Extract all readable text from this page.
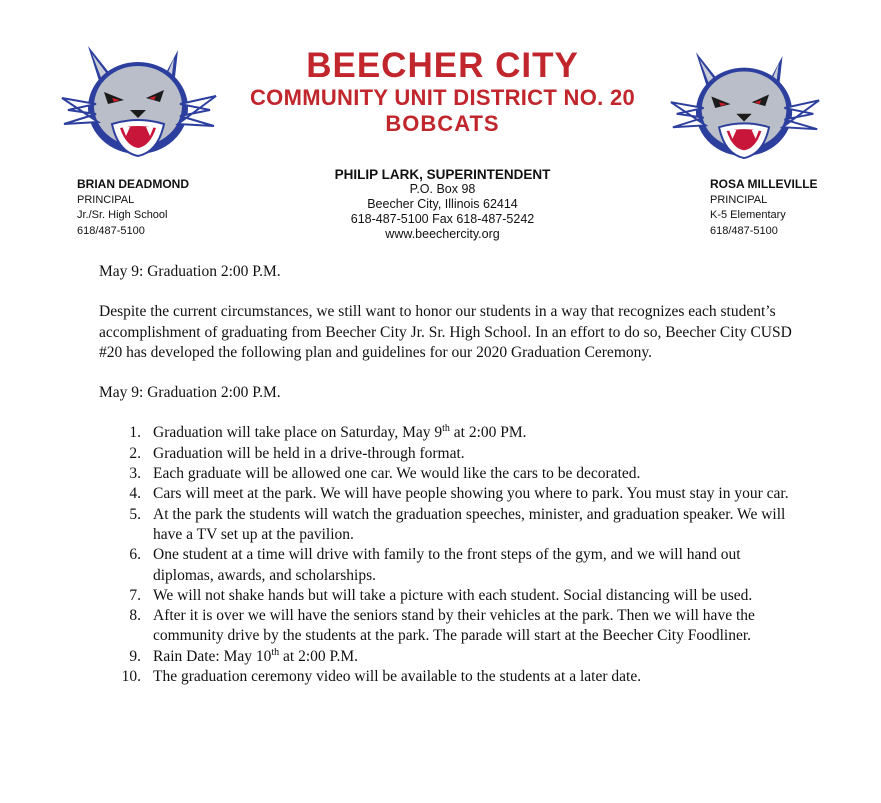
BEECHER CITY
COMMUNITY UNIT DISTRICT NO. 20
BOBCATS
PHILIP LARK, SUPERINTENDENT
P.O. Box 98
Beecher City, Illinois 62414
618-487-5100 Fax 618-487-5242
www.beechercity.org
BRIAN DEADMOND
PRINCIPAL
Jr./Sr. High School
618/487-5100
ROSA MILLEVILLE
PRINCIPAL
K-5 Elementary
618/487-5100

May 9: Graduation 2:00 P.M.

Despite the current circumstances, we still want to honor our students in a way that recognizes each student’s accomplishment of graduating from Beecher City Jr. Sr. High School. In an effort to do so, Beecher City CUSD #20 has developed the following plan and guidelines for our 2020 Graduation Ceremony.

May 9: Graduation 2:00 P.M.

1. Graduation will take place on Saturday, May 9th at 2:00 PM.
2. Graduation will be held in a drive-through format.
3. Each graduate will be allowed one car. We would like the cars to be decorated.
4. Cars will meet at the park. We will have people showing you where to park. You must stay in your car.
5. At the park the students will watch the graduation speeches, minister, and graduation speaker. We will have a TV set up at the pavilion.
6. One student at a time will drive with family to the front steps of the gym, and we will hand out diplomas, awards, and scholarships.
7. We will not shake hands but will take a picture with each student. Social distancing will be used.
8. After it is over we will have the seniors stand by their vehicles at the park. Then we will have the community drive by the students at the park. The parade will start at the Beecher City Foodliner.
9. Rain Date: May 10th at 2:00 P.M.
10. The graduation ceremony video will be available to the students at a later date.
